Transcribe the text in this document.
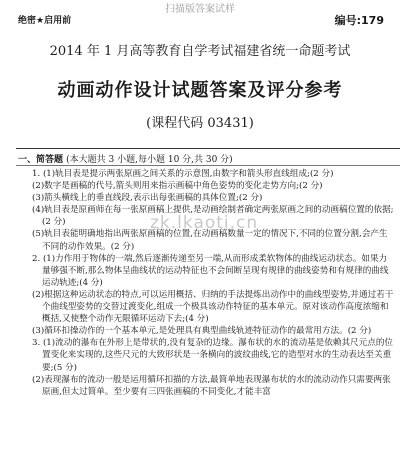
扫描版答案试样
绝密★启用前	编号:179
2014 年 1 月高等教育自学考试福建省统一命题考试
动画动作设计试题答案及评分参考
(课程代码 03431)
一、简答题 (本大题共 3 小题,每小题 10 分,共 30 分)

1. (1)轨目表是提示两张原画之间关系的示意图,由数字和箭头形直线组成;(2 分)

(2)数字是画稿的代号,箭头则用来指示画稿中角色姿势的变化走势方向;(2 分)

(3)箭头横线上的垂直线段,表示出每张画稿的具体位置;(2 分)

(4)轨目表是原画师在每一张原画稿上提供,是动画绘制者确定两张原画之间的动画稿位置的依据;(2 分)

(5)轨目表能明确地指出两张原画稿的位置,在动画稿数量一定的情况下,不同的位置分割,会产生不同的动作效果。(2 分)

2. (1)力作用于物体的一端,然后逐渐传递至另一端,从而形成柔软物体的曲线运动状态。如果力量够强不断,那么物体呈曲线状的运动特征也不会间断呈现有规律的曲线姿势和有规律的曲线运动轨迹;(4 分)

(2)根据这种运动状态的特点,可以运用概括、归纳的手法提炼出动作中的曲线型姿势,并通过若干个曲线型姿势的交替过渡变化,组成一个极具该动作特征的基本单元。原对该动作高度浓缩和概括,又使整个动作无限循环运动下去;(4 分)

(3)循环扣操动作的一个基本单元,是处理具有典型曲线轨迹特征动作的最常用方法。(2 分)

3. (1)流动的瀑布在外形上是带状的,没有复杂的边缘。瀑布状的水的流动基是依赖其尺元点的位置变化来实现的,这些尺元的大致形状是一条横向的波纹曲线,它的造型对水的生动表达至关重要;(5 分)

(2)表现瀑布的流动一般是运用循环扣描的方法,最简单地表现瀑布状的水的流动动作只需要两张原画,但太过简单。至少要有三四张画稿的不同变化,才能丰富

zk.lkaoti.cn
